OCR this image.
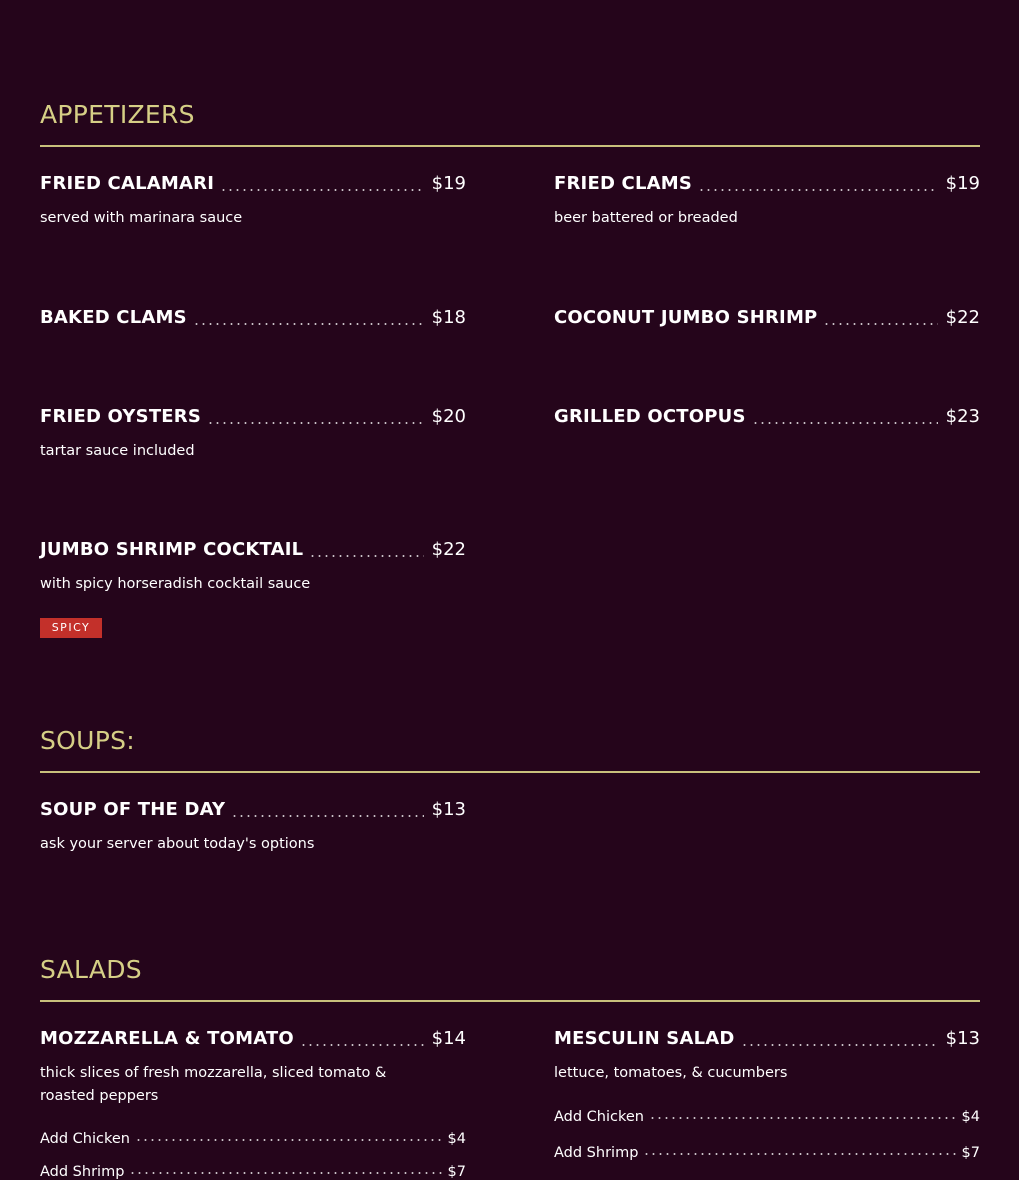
APPETIZERS
FRIED CALAMARI	$19
served with marinara sauce
FRIED CLAMS	$19
beer battered or breaded
BAKED CLAMS	$18	COCONUT JUMBO SHRIMP	$22
FRIED OYSTERS	$20
tartar sauce included
GRILLED OCTOPUS	$23
JUMBO SHRIMP COCKTAIL	$22
with spicy horseradish cocktail sauce
SPICY
SOUPS:
SOUP OF THE DAY	$13
ask your server about today's options
SALADS
MOZZARELLA & TOMATO	$14
thick slices of fresh mozzarella, sliced tomato & roasted peppers
Add Chicken	$4
Add Shrimp	$7
MESCULIN SALAD	$13
lettuce, tomatoes, & cucumbers
Add Chicken	$4
Add Shrimp	$7
